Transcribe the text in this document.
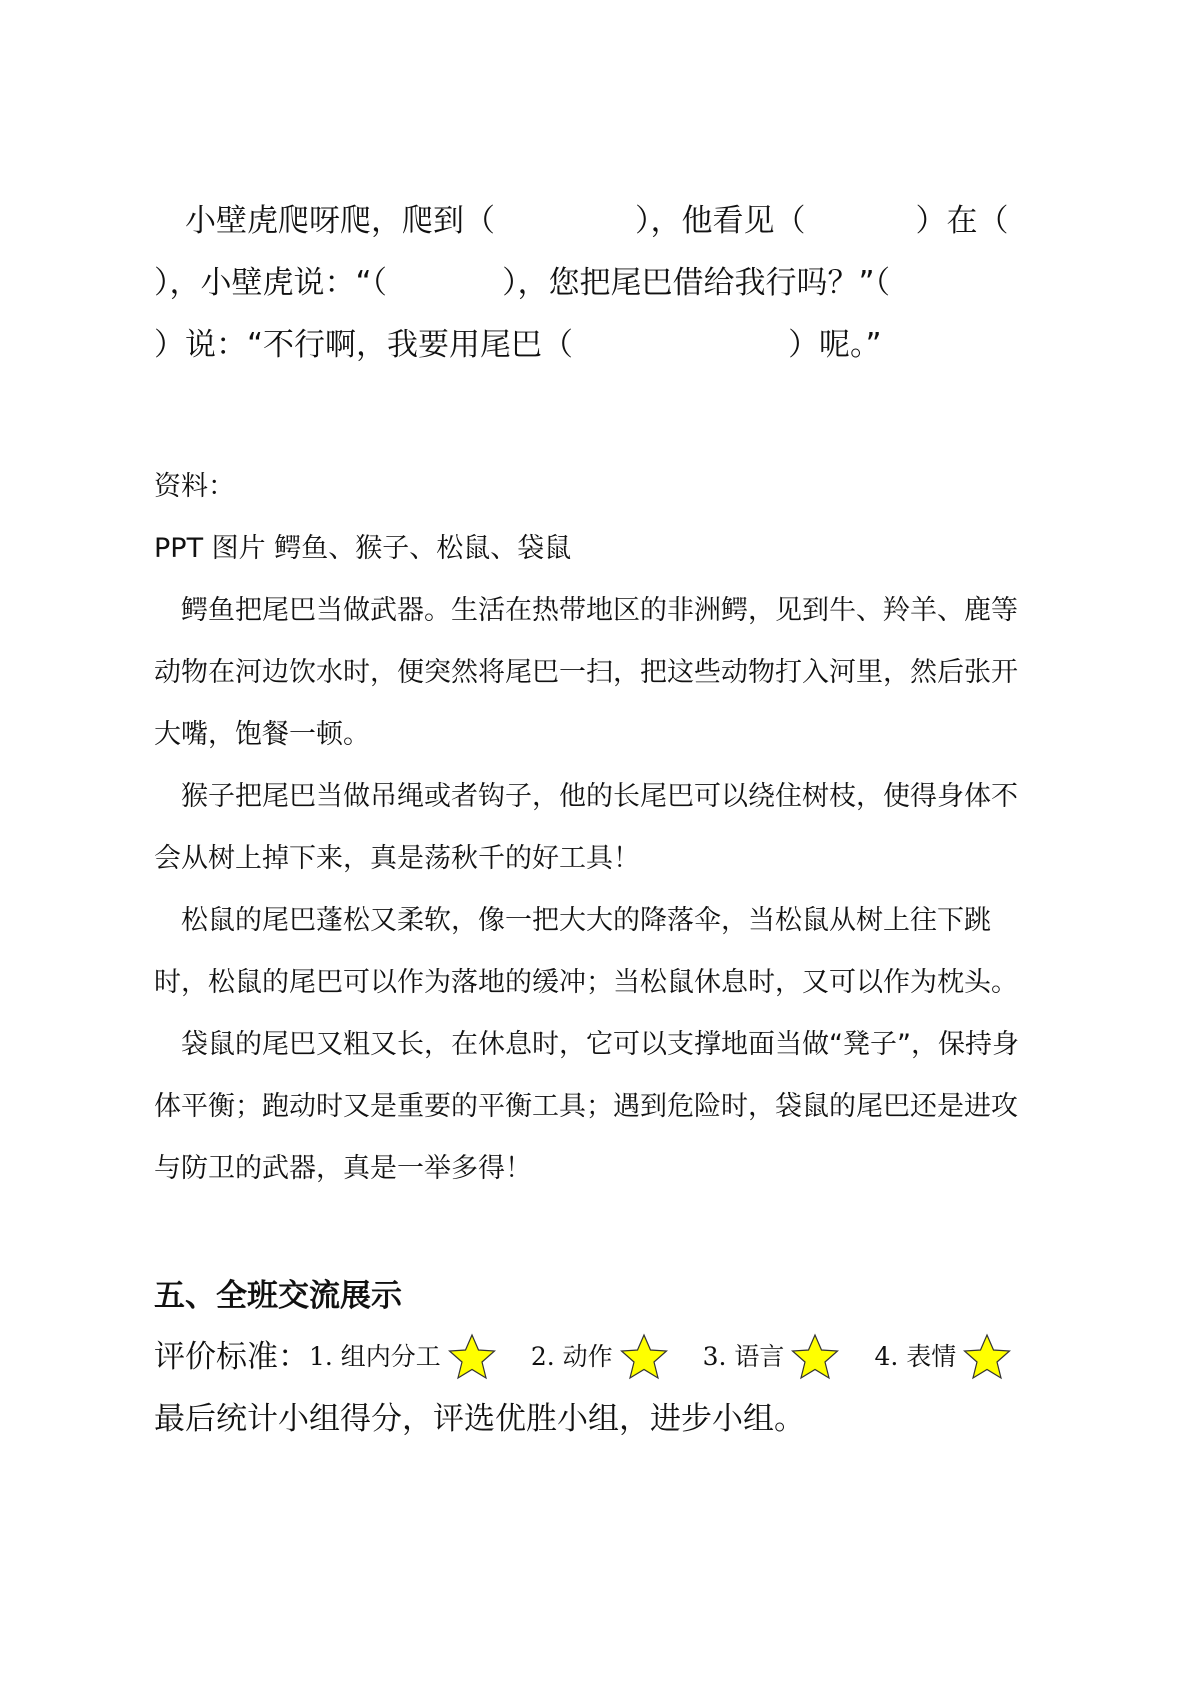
小壁虎爬呀爬，爬到（	），他看见（	）在（

），小壁虎说：“（	），您把尾巴借给我行吗？”（

）说：“不行啊，我要用尾巴（	）呢。”

资料：
PPT 图片 鳄鱼、猴子、松鼠、袋鼠

鳄鱼把尾巴当做武器。生活在热带地区的非洲鳄，见到牛、羚羊、鹿等动物在河边饮水时，便突然将尾巴一扫，把这些动物打入河里，然后张开大嘴，饱餐一顿。

猴子把尾巴当做吊绳或者钩子，他的长尾巴可以绕住树枝，使得身体不会从树上掉下来，真是荡秋千的好工具！

松鼠的尾巴蓬松又柔软，像一把大大的降落伞，当松鼠从树上往下跳时，松鼠的尾巴可以作为落地的缓冲；当松鼠休息时，又可以作为枕头。

袋鼠的尾巴又粗又长，在休息时，它可以支撑地面当做“凳子”，保持身体平衡；跑动时又是重要的平衡工具；遇到危险时，袋鼠的尾巴还是进攻与防卫的武器，真是一举多得！

五、全班交流展示
评价标准： 1. 组内分工	2. 动作	3. 语言	4. 表情
最后统计小组得分，评选优胜小组，进步小组。
